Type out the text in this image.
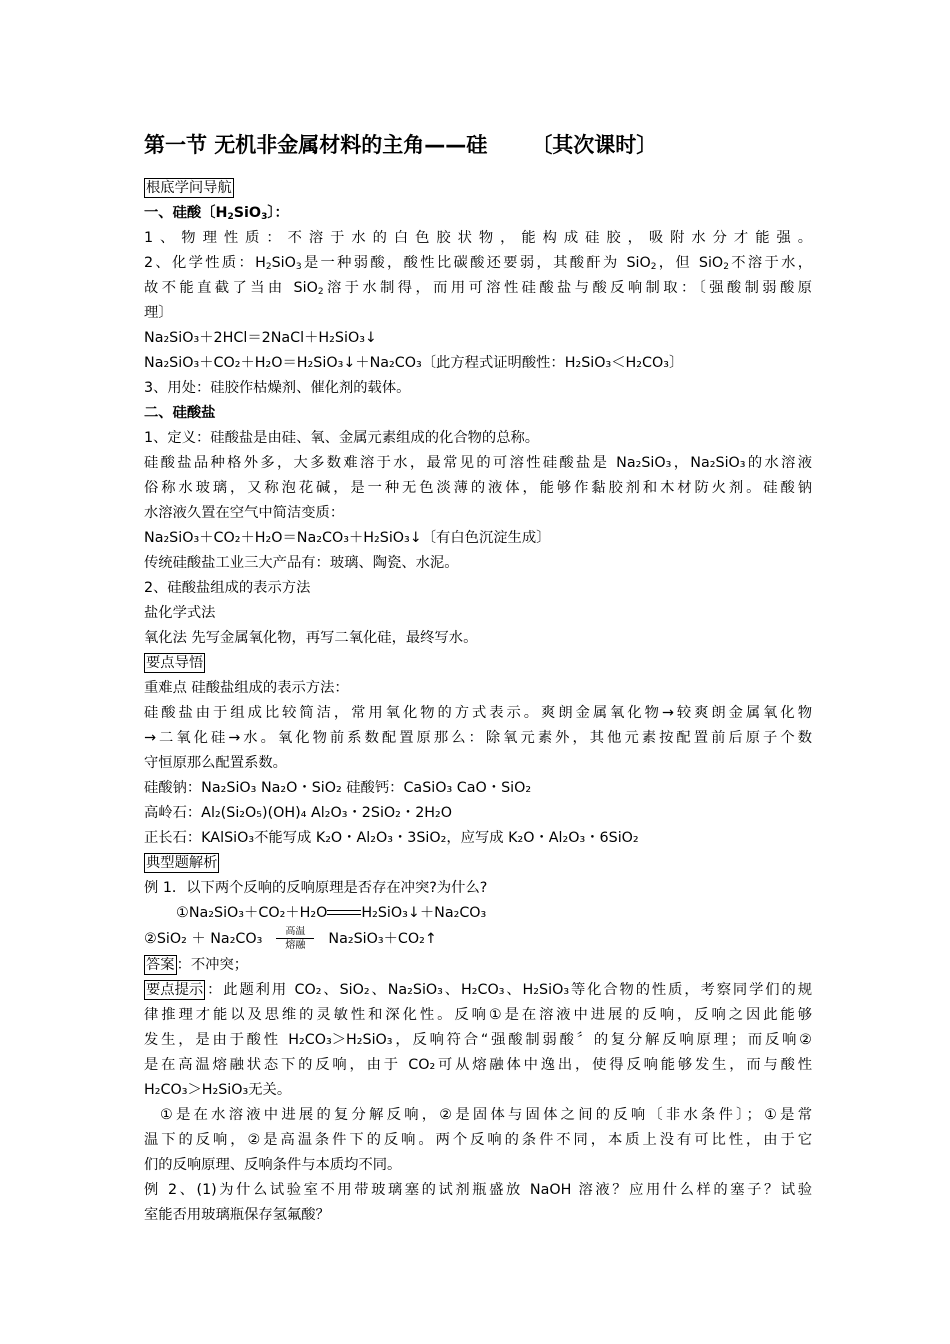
第一节 无机非金属材料的主角——硅 〔其次课时〕
根底学问导航
一、硅酸〔$H_2SiO_3$〕：
1、物理性质：不溶于水的白色胶状物，能构成硅胶，吸附水分才能强。
2、化学性质：$H_2SiO_3$是一种弱酸，酸性比碳酸还要弱，其酸酐为 SiO$_2$，但 SiO$_2$不溶于水，
故不能直截了当由 SiO$_2$溶于水制得，而用可溶性硅酸盐与酸反响制取：〔强酸制弱酸原
理〕
Na₂SiO₃＋2HCl＝2NaCl＋H₂SiO₃↓
Na₂SiO₃＋CO₂＋H₂O＝H₂SiO₃↓＋Na₂CO₃〔此方程式证明酸性：H₂SiO₃＜H₂CO₃〕
3、用处：硅胶作枯燥剂、催化剂的载体。
二、硅酸盐
1、定义：硅酸盐是由硅、氧、金属元素组成的化合物的总称。
硅酸盐品种格外多，大多数难溶于水，最常见的可溶性硅酸盐是 Na₂SiO₃，Na₂SiO₃的水溶液
俗称水玻璃，又称泡花碱，是一种无色淡薄的液体，能够作黏胶剂和木材防火剂。硅酸钠
水溶液久置在空气中简洁变质：
Na₂SiO₃＋CO₂＋H₂O＝Na₂CO₃＋H₂SiO₃↓〔有白色沉淀生成〕
传统硅酸盐工业三大产品有：玻璃、陶瓷、水泥。
2、硅酸盐组成的表示方法
盐化学式法
氧化法 先写金属氧化物，再写二氧化硅，最终写水。
要点导悟
重难点 硅酸盐组成的表示方法：
硅酸盐由于组成比较简洁，常用氧化物的方式表示。爽朗金属氧化物→较爽朗金属氧化物
→二氧化硅→水。氧化物前系数配置原那么：除氧元素外，其他元素按配置前后原子个数
守恒原那么配置系数。
硅酸钠：Na₂SiO₃ Na₂O・SiO₂ 硅酸钙：CaSiO₃ CaO・SiO₂
高岭石：Al₂(Si₂O₅)(OH)₄ Al₂O₃・2SiO₂・2H₂O
正长石：KAlSiO₃不能写成 K₂O・Al₂O₃・3SiO₂，应写成 K₂O・Al₂O₃・6SiO₂
典型题解析
例 1．以下两个反响的反响原理是否存在冲突?为什么?
①Na₂SiO₃＋CO₂＋H₂O H₂SiO₃↓＋Na₂CO₃
②SiO₂ ＋ Na₂CO₃	高温
熔融	Na₂SiO₃＋CO₂↑
答案 ：不冲突；
要点提示 ：此题利用 CO₂、SiO₂、Na₂SiO₃、H₂CO₃、H₂SiO₃等化合物的性质，考察同学们的规
律推理才能以及思维的灵敏性和深化性。反响①是在溶液中进展的反响，反响之因此能够
发生，是由于酸性 H₂CO₃＞H₂SiO₃，反响符合“强酸制弱酸〞的复分解反响原理；而反响②
是在高温熔融状态下的反响，由于 CO₂可从熔融体中逸出，使得反响能够发生，而与酸性
H₂CO₃＞H₂SiO₃无关。
①是在水溶液中进展的复分解反响，②是固体与固体之间的反响〔非水条件〕；①是常
温下的反响，②是高温条件下的反响。两个反响的条件不同，本质上没有可比性，由于它
们的反响原理、反响条件与本质均不同。
例 2、(1)为什么试验室不用带玻璃塞的试剂瓶盛放 NaOH 溶液？应用什么样的塞子？试验
室能否用玻璃瓶保存氢氟酸？
